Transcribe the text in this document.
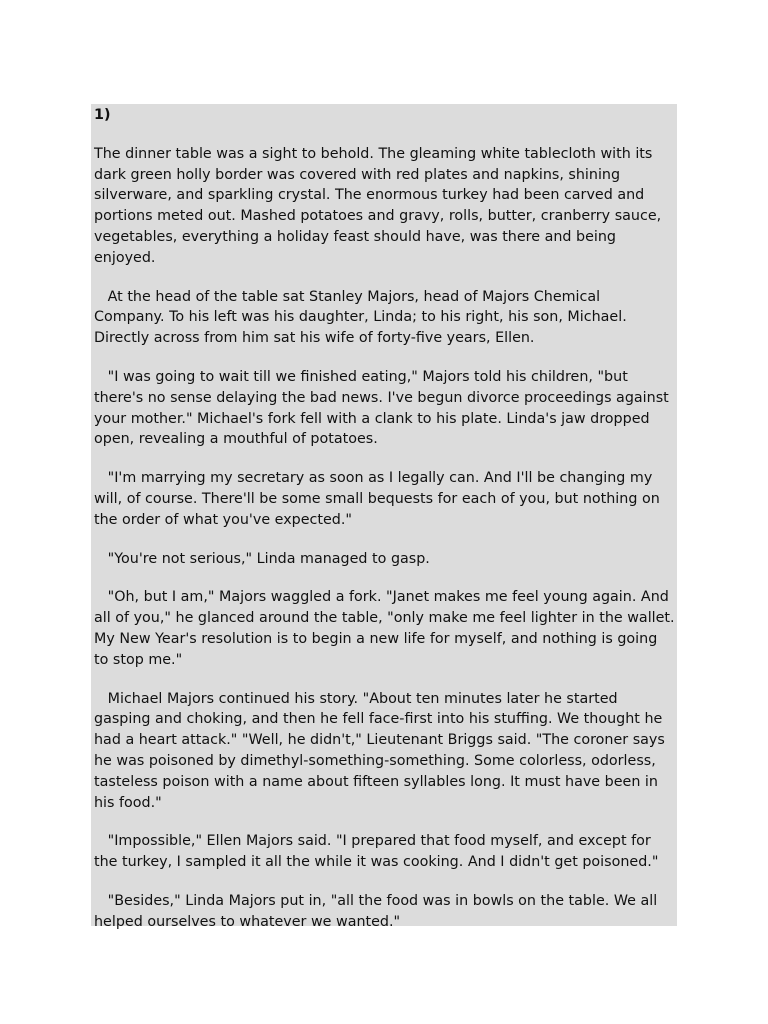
1)

The dinner table was a sight to behold. The gleaming white tablecloth with its dark green holly border was covered with red plates and napkins, shining silverware, and sparkling crystal. The enormous turkey had been carved and portions meted out. Mashed potatoes and gravy, rolls, butter, cranberry sauce, vegetables, everything a holiday feast should have, was there and being enjoyed.

At the head of the table sat Stanley Majors, head of Majors Chemical Company. To his left was his daughter, Linda; to his right, his son, Michael. Directly across from him sat his wife of forty-five years, Ellen.

"I was going to wait till we finished eating," Majors told his children, "but there's no sense delaying the bad news. I've begun divorce proceedings against your mother." Michael's fork fell with a clank to his plate. Linda's jaw dropped open, revealing a mouthful of potatoes.

"I'm marrying my secretary as soon as I legally can. And I'll be changing my will, of course. There'll be some small bequests for each of you, but nothing on the order of what you've expected."

"You're not serious," Linda managed to gasp.

"Oh, but I am," Majors waggled a fork. "Janet makes me feel young again. And all of you," he glanced around the table, "only make me feel lighter in the wallet. My New Year's resolution is to begin a new life for myself, and nothing is going to stop me."

Michael Majors continued his story. "About ten minutes later he started gasping and choking, and then he fell face-first into his stuffing. We thought he had a heart attack." "Well, he didn't," Lieutenant Briggs said. "The coroner says he was poisoned by dimethyl-something-something. Some colorless, odorless, tasteless poison with a name about fifteen syllables long. It must have been in his food."

"Impossible," Ellen Majors said. "I prepared that food myself, and except for the turkey, I sampled it all the while it was cooking. And I didn't get poisoned."

"Besides," Linda Majors put in, "all the food was in bowls on the table. We all helped ourselves to whatever we wanted."
